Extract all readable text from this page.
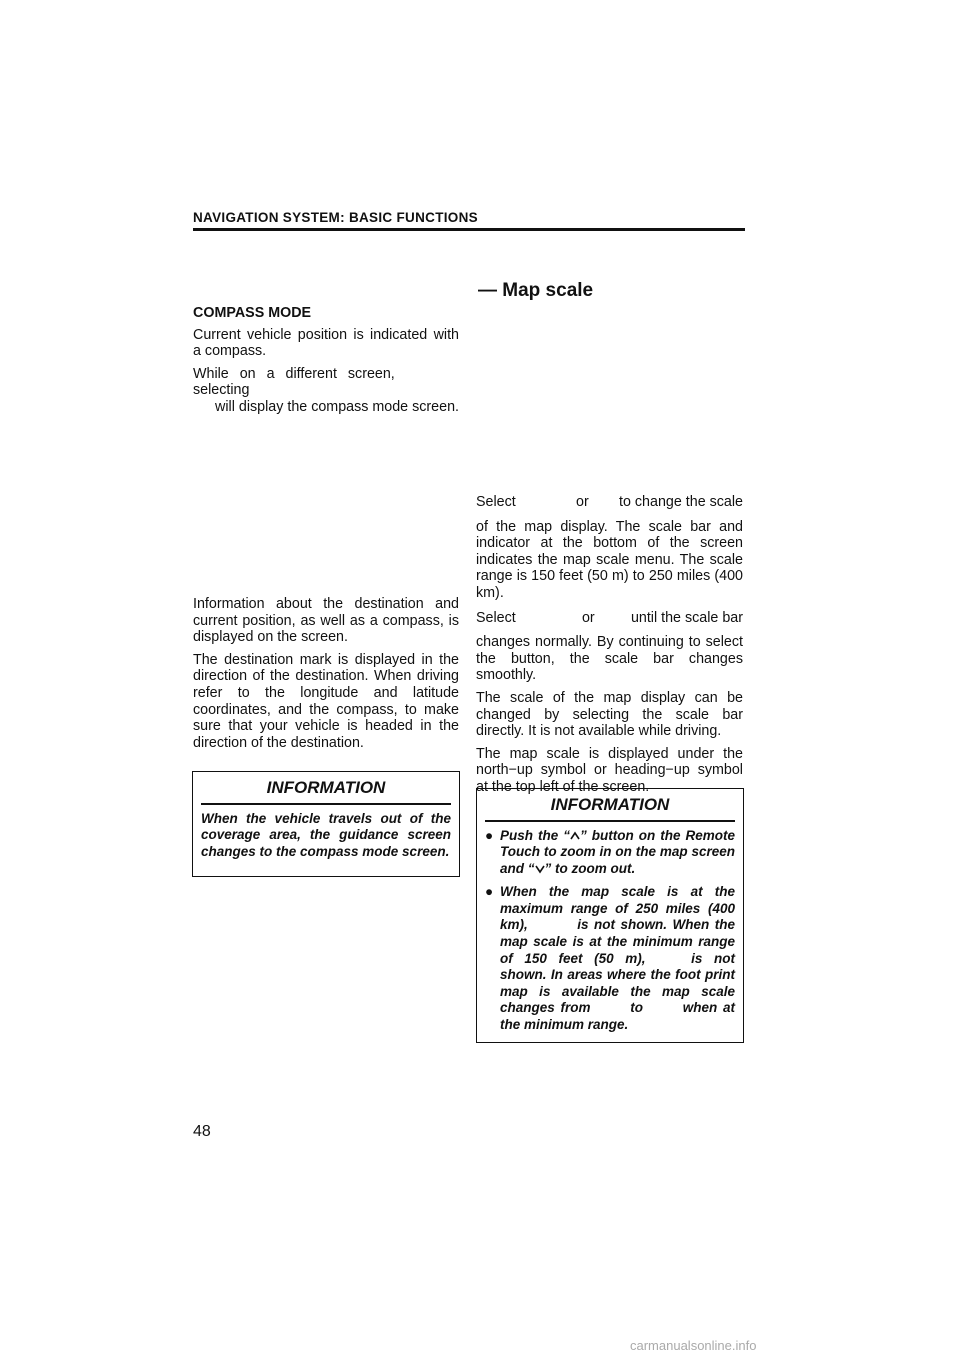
NAVIGATION SYSTEM: BASIC FUNCTIONS
— Map scale
COMPASS MODE

Current vehicle position is indicated with a compass.

While on a different screen, selecting
will display the compass mode screen.

Information about the destination and current position, as well as a compass, is displayed on the screen.

The destination mark is displayed in the direction of the destination. When driving refer to the longitude and latitude coordinates, and the compass, to make sure that your vehicle is headed in the direction of the destination.

INFORMATION

When the vehicle travels out of the coverage area, the guidance screen changes to the compass mode screen.

Select	or to change the scale
of the map display. The scale bar and indicator at the bottom of the screen indicates the map scale menu. The scale range is 150 feet (50 m) to 250 miles (400 km).

Select	or	until the scale bar
changes normally. By continuing to select the button, the scale bar changes smoothly.

The scale of the map display can be changed by selecting the scale bar directly. It is not available while driving.

The map scale is displayed under the north−up symbol or heading−up symbol at the top left of the screen.

INFORMATION
● Push the “ ” button on the Remote Touch to zoom in on the map screen and “ ” to zoom out.
● When the map scale is at the maximum range of 250 miles (400 km),	is not shown. When the map scale is at the minimum range of 150 feet (50 m),	is not shown. In areas where the foot print map is available the map scale changes from	to	when at the minimum range.
48
carmanualsonline.info
